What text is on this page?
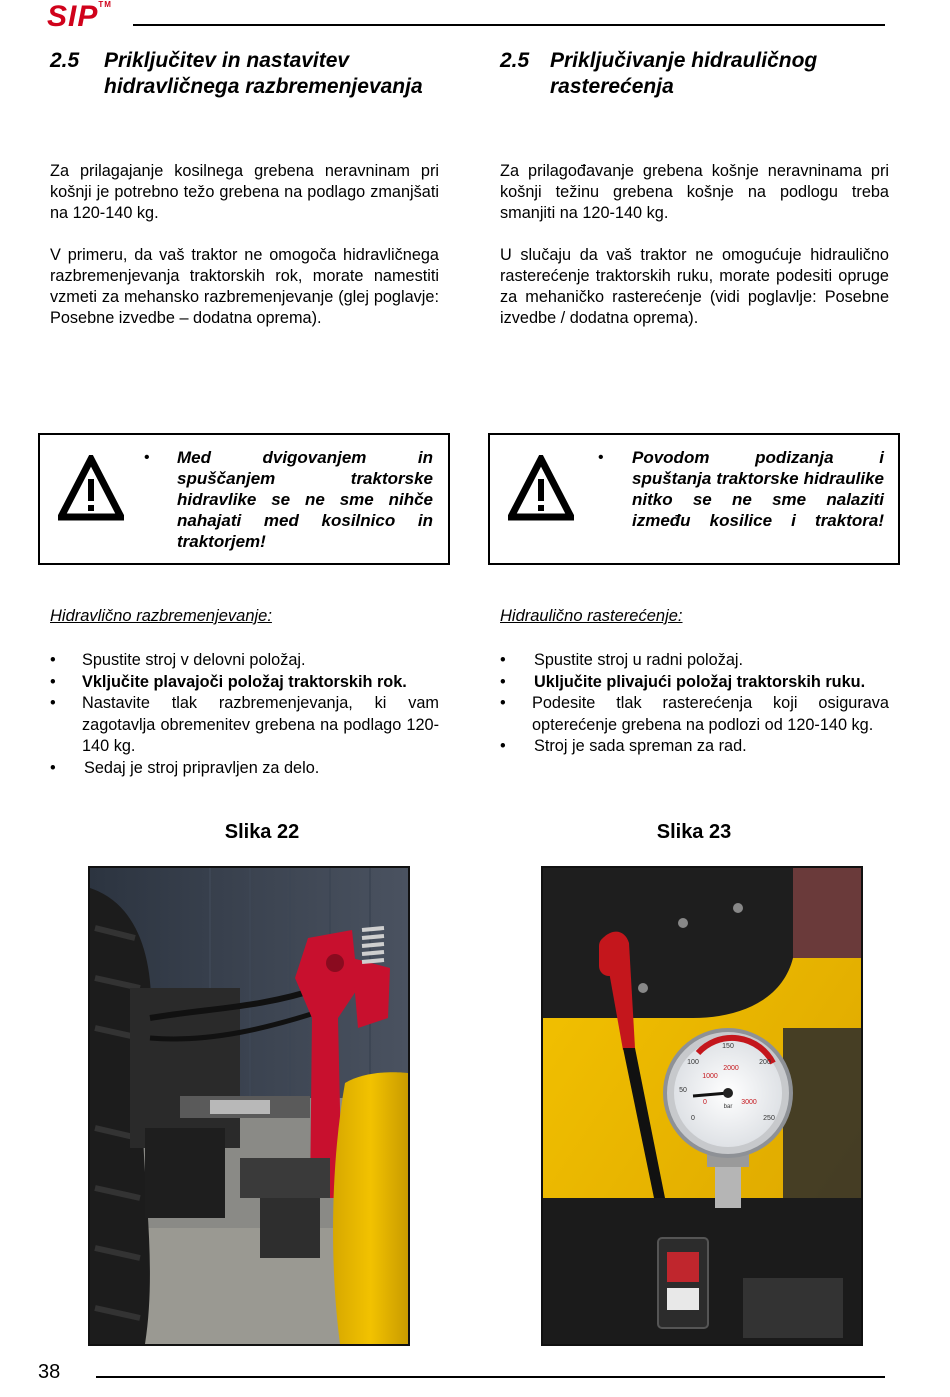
SIP™
2.5	Priključitev in nastavitev
hidravličnega razbremenjevanja
2.5 Priključivanje hidrauličnog
rasterećenja
Za prilagajanje kosilnega grebena neravninam pri košnji je potrebno težo grebena na podlago zmanjšati na 120-140 kg.
V primeru, da vaš traktor ne omogoča hidravličnega razbremenjevanja traktorskih rok, morate namestiti vzmeti za mehansko razbremenjevanje (glej poglavje: Posebne izvedbe – dodatna oprema).
Za prilagođavanje grebena košnje neravninama pri košnji težinu grebena košnje na podlogu treba smanjiti na 120-140 kg.
U slučaju da vaš traktor ne omogućuje hidraulično rasterećenje traktorskih ruku, morate podesiti opruge za mehaničko rasterećenje (vidi poglavlje: Posebne izvedbe / dodatna oprema).
• Med dvigovanjem in spuščanjem traktorske hidravlike se ne sme nihče nahajati med kosilnico in traktorjem!
• Povodom podizanja i spuštanja traktorske hidraulike nitko se ne sme nalaziti između kosilice i traktora!
Hidravlično razbremenjevanje:	Hidraulično rasterećenje:
• Spustite stroj v delovni položaj.
• Vključite plavajoči položaj traktorskih rok.
• Nastavite tlak razbremenjevanja, ki vam zagotavlja obremenitev grebena na podlago 120-140 kg.
• Sedaj je stroj pripravljen za delo.
• Spustite stroj u radni položaj.
• Uključite plivajući položaj traktorskih ruku.
• Podesite tlak rasterećenja koji osigurava opterećenje grebena na podlozi od 120-140 kg.
• Stroj je sada spreman za rad.
Slika 22	Slika 23
0
50
100
150
200
250
0
1000
2000
3000
bar
38
